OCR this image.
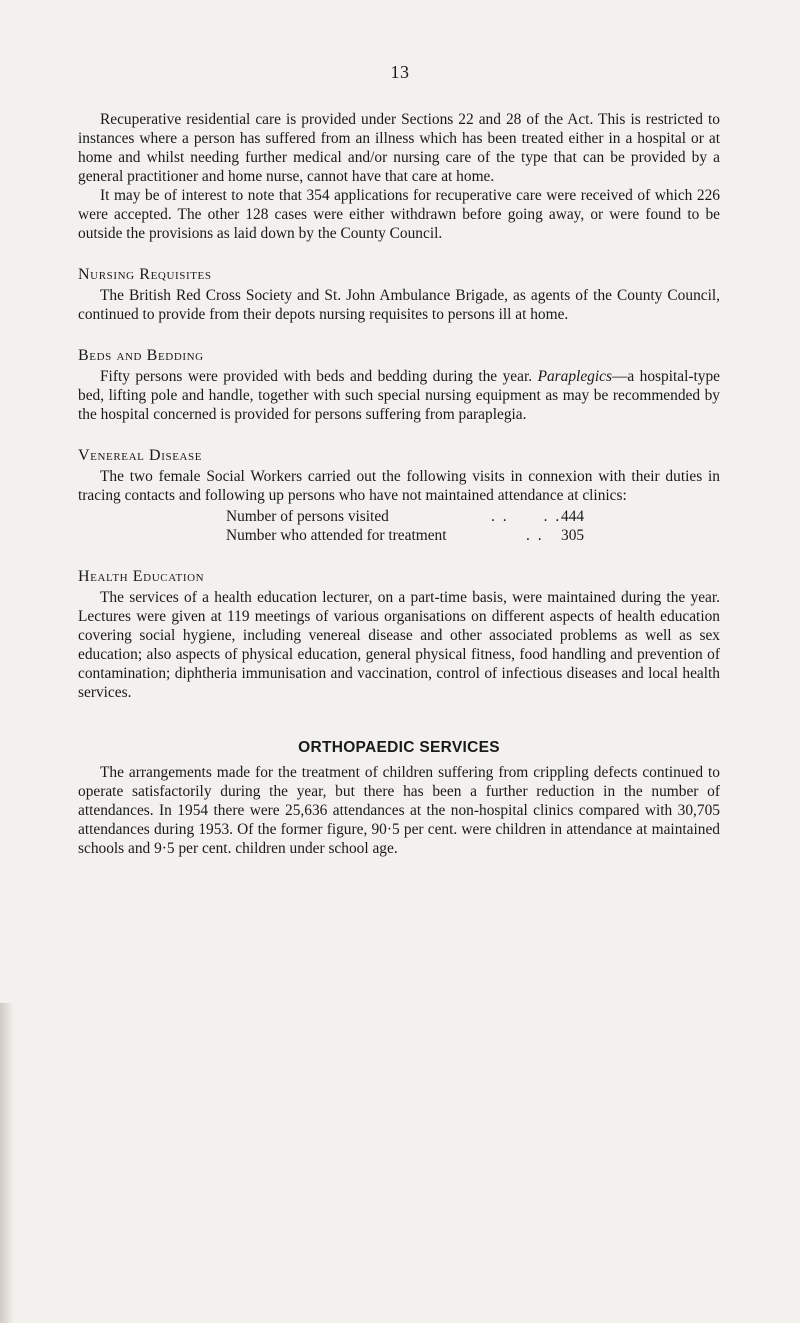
13

Recuperative residential care is provided under Sections 22 and 28 of the Act. This is restricted to instances where a person has suffered from an illness which has been treated either in a hospital or at home and whilst needing further medical and/or nursing care of the type that can be provided by a general practitioner and home nurse, cannot have that care at home.

It may be of interest to note that 354 applications for recuperative care were received of which 226 were accepted. The other 128 cases were either withdrawn before going away, or were found to be outside the provisions as laid down by the County Council.

Nursing Requisites

The British Red Cross Society and St. John Ambulance Brigade, as agents of the County Council, continued to provide from their depots nursing requisites to persons ill at home.

Beds and Bedding

Fifty persons were provided with beds and bedding during the year. Paraplegics—a hospital-type bed, lifting pole and handle, together with such special nursing equipment as may be recommended by the hospital concerned is provided for persons suffering from paraplegia.

Venereal Disease

The two female Social Workers carried out the following visits in connexion with their duties in tracing contacts and following up persons who have not maintained attendance at clinics:

Number of persons visited	. .      . . 444
Number who attended for treatment	. .	305
Health Education

The services of a health education lecturer, on a part-time basis, were maintained during the year. Lectures were given at 119 meetings of various organisations on different aspects of health education covering social hygiene, including venereal disease and other associated problems as well as sex education; also aspects of physical education, general physical fitness, food handling and prevention of contamination; diphtheria immunisation and vaccination, control of infectious diseases and local health services.

ORTHOPAEDIC SERVICES

The arrangements made for the treatment of children suffering from crippling defects continued to operate satisfactorily during the year, but there has been a further reduction in the number of attendances. In 1954 there were 25,636 attendances at the non-hospital clinics compared with 30,705 attendances during 1953. Of the former figure, 90·5 per cent. were children in attendance at maintained schools and 9·5 per cent. children under school age.
